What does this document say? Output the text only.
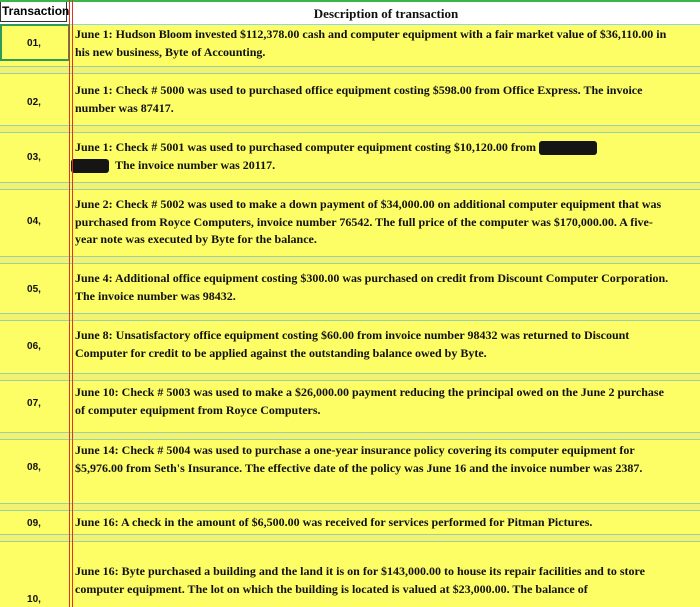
Transaction	Description of transaction
01,
June 1: Hudson Bloom invested $112,378.00 cash and computer equipment with a fair market value of $36,110.00 in his new business, Byte of Accounting.
02,
June 1: Check # 5000 was used to purchased office equipment costing $598.00 from Office Express. The invoice number was 87417.
03,
June 1: Check # 5001 was used to purchased computer equipment costing $10,120.00 from
The invoice number was 20117.
04,
June 2: Check # 5002 was used to make a down payment of $34,000.00 on additional computer equipment that was purchased from Royce Computers, invoice number 76542. The full price of the computer was $170,000.00. A five-year note was executed by Byte for the balance.
05,
June 4: Additional office equipment costing $300.00 was purchased on credit from Discount Computer Corporation. The invoice number was 98432.
06,
June 8: Unsatisfactory office equipment costing $60.00 from invoice number 98432 was returned to Discount Computer for credit to be applied against the outstanding balance owed by Byte.
07,
June 10: Check # 5003 was used to make a $26,000.00 payment reducing the principal owed on the June 2 purchase of computer equipment from Royce Computers.
08,
June 14: Check # 5004 was used to purchase a one-year insurance policy covering its computer equipment for $5,976.00 from Seth's Insurance. The effective date of the policy was June 16 and the invoice number was 2387.
09,	June 16: A check in the amount of $6,500.00 was received for services performed for Pitman Pictures.
10,
June 16: Byte purchased a building and the land it is on for $143,000.00 to house its repair facilities and to store computer equipment. The lot on which the building is located is valued at $23,000.00. The balance of
